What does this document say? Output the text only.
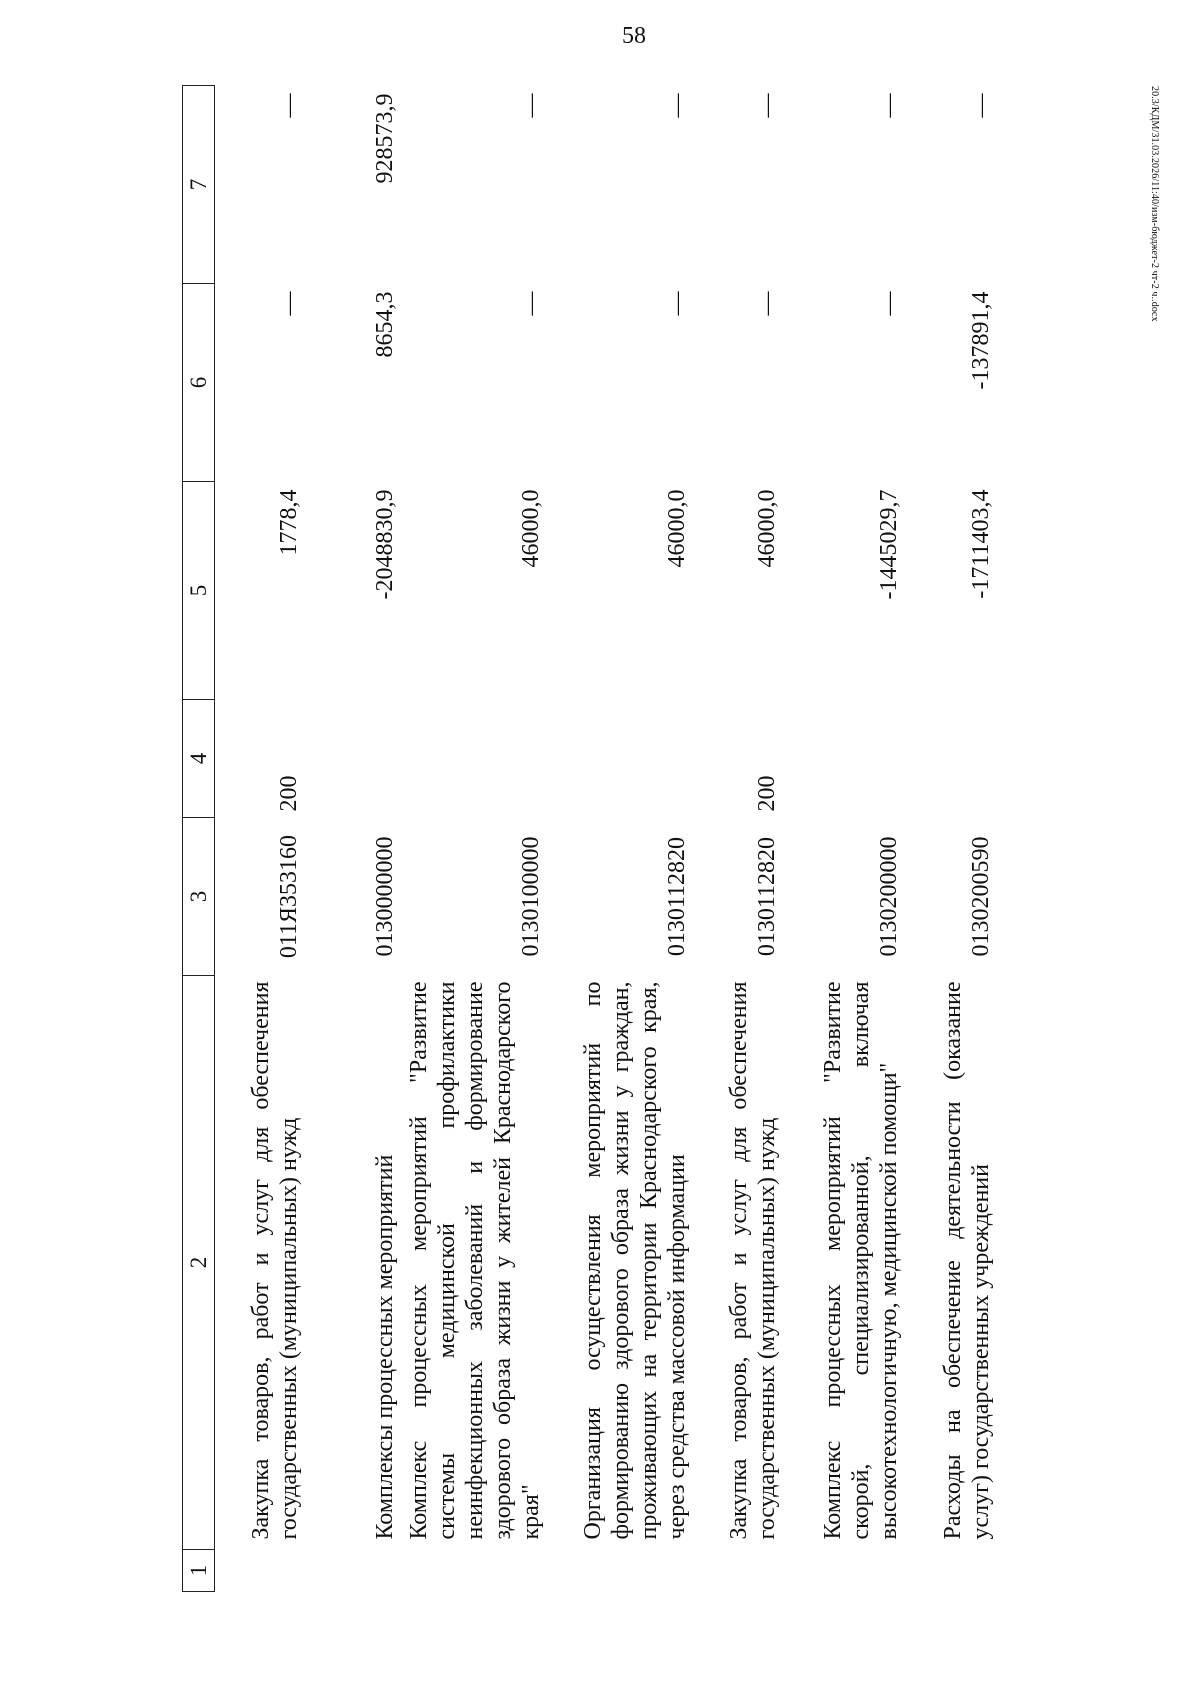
58
20.3/КДМ/31.03.2026/11:40/изм-бюджет-2 чт-2 ч..docx
1	2	3	4	5	6	7
	Закупка товаров, работ и услуг для обеспечения государственных (муниципальных) нужд	011Я353160	200	1778,4	—	—
	Комплексы процессных мероприятий	0130000000		-2048830,9	8654,3	928573,9
	Комплекс процессных мероприятий "Развитие системы медицинской профилактики неинфекционных заболеваний и формирование здорового образа жизни у жителей Краснодарского края"	0130100000		46000,0	—	—
	Организация осуществления мероприятий по формированию здорового образа жизни у граждан, проживающих на территории Краснодарского края, через средства массовой информации	0130112820		46000,0	—	—
	Закупка товаров, работ и услуг для обеспечения государственных (муниципальных) нужд	0130112820	200	46000,0	—	—
	Комплекс процессных мероприятий "Развитие скорой, специализированной, включая высокотехнологичную, медицинской помощи"	0130200000		-1445029,7	—	—
	Расходы на обеспечение деятельности (оказание услуг) государственных учреждений	0130200590		-1711403,4	-137891,4	—
